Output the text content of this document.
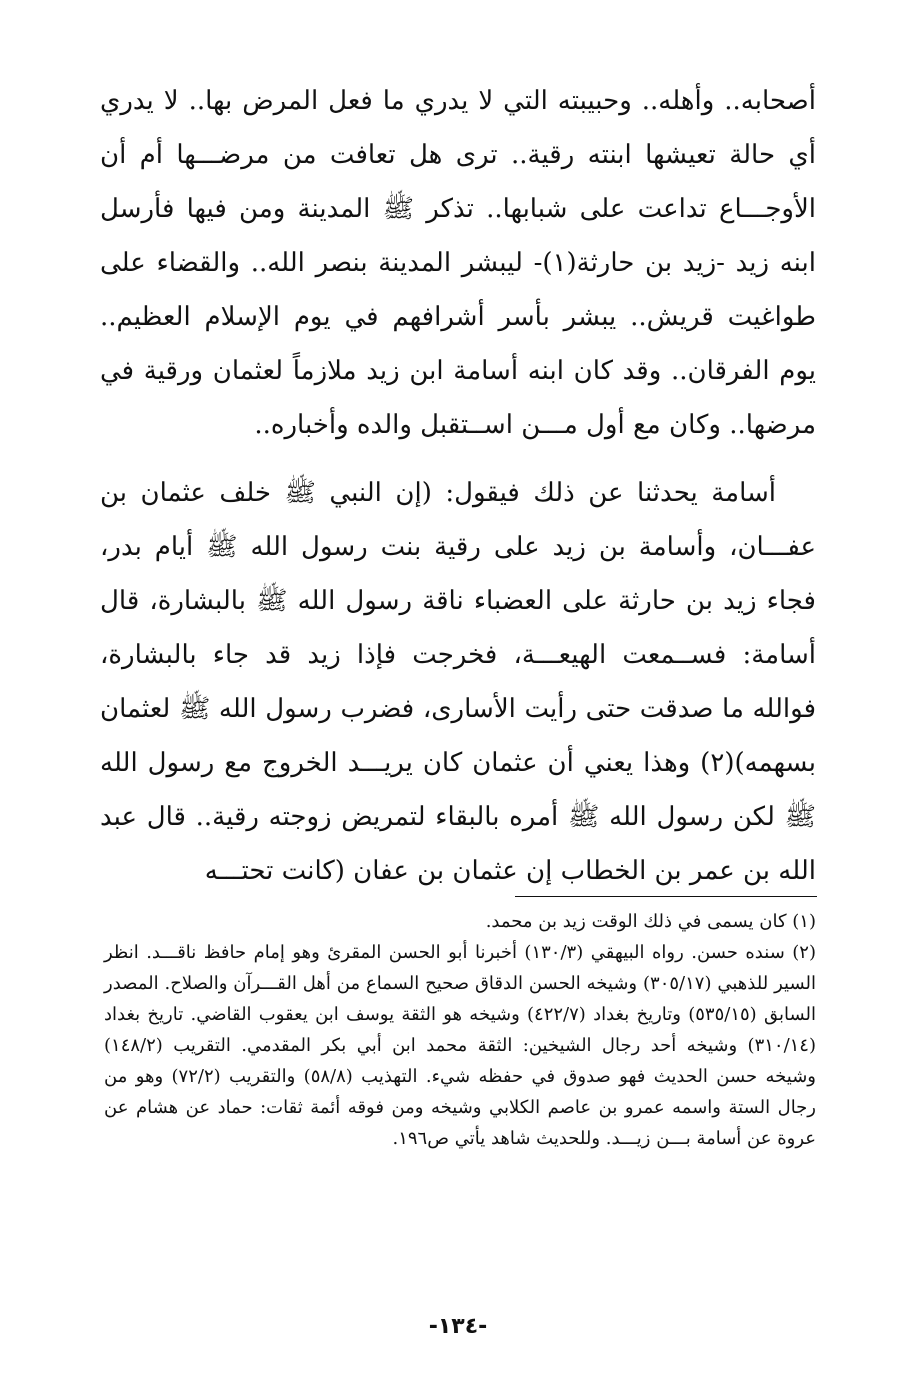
أصحابه.. وأهله.. وحبيبته التي لا يدري ما فعل المرض بها.. لا يدري أي حالة تعيشها ابنته رقية.. ترى هل تعافت من مرضـــها أم أن الأوجـــاع تداعت على شبابها.. تذكر ﷺ المدينة ومن فيها فأرسل ابنه زيد -زيد بن حارثة(١)- ليبشر المدينة بنصر الله.. والقضاء على طواغيت قريش.. يبشر بأسر أشرافهم في يوم الإسلام العظيم.. يوم الفرقان.. وقد كان ابنه أسامة ابن زيد ملازماً لعثمان ورقية في مرضها.. وكان مع أول مـــن اســتقبل والده وأخباره..

أسامة يحدثنا عن ذلك فيقول: (إن النبي ﷺ خلف عثمان بن عفـــان، وأسامة بن زيد على رقية بنت رسول الله ﷺ أيام بدر، فجاء زيد بن حارثة على العضباء ناقة رسول الله ﷺ بالبشارة، قال أسامة: فســمعت الهيعـــة، فخرجت فإذا زيد قد جاء بالبشارة، فوالله ما صدقت حتى رأيت الأسارى، فضرب رسول الله ﷺ لعثمان بسهمه)(٢) وهذا يعني أن عثمان كان يريـــد الخروج مع رسول الله ﷺ لكن رسول الله ﷺ أمره بالبقاء لتمريض زوجته رقية.. قال عبد الله بن عمر بن الخطاب إن عثمان بن عفان (كانت تحتـــه

(١) كان يسمى في ذلك الوقت زيد بن محمد.

(٢) سنده حسن. رواه البيهقي (١٣٠/٣) أخبرنا أبو الحسن المقرئ وهو إمام حافظ ناقـــد. انظر السير للذهبي (٣٠٥/١٧) وشيخه الحسن الدقاق صحيح السماع من أهل القـــرآن والصلاح. المصدر السابق (٥٣٥/١٥) وتاريخ بغداد (٤٢٢/٧) وشيخه هو الثقة يوسف ابن يعقوب القاضي. تاريخ بغداد (٣١٠/١٤) وشيخه أحد رجال الشيخين: الثقة محمد ابن أبي بكر المقدمي. التقريب (١٤٨/٢) وشيخه حسن الحديث فهو صدوق في حفظه شيء. التهذيب (٥٨/٨) والتقريب (٧٢/٢) وهو من رجال الستة واسمه عمرو بن عاصم الكلابي وشيخه ومن فوقه أئمة ثقات: حماد عن هشام عن عروة عن أسامة بـــن زيـــد. وللحديث شاهد يأتي ص١٩٦.

-١٣٤-
